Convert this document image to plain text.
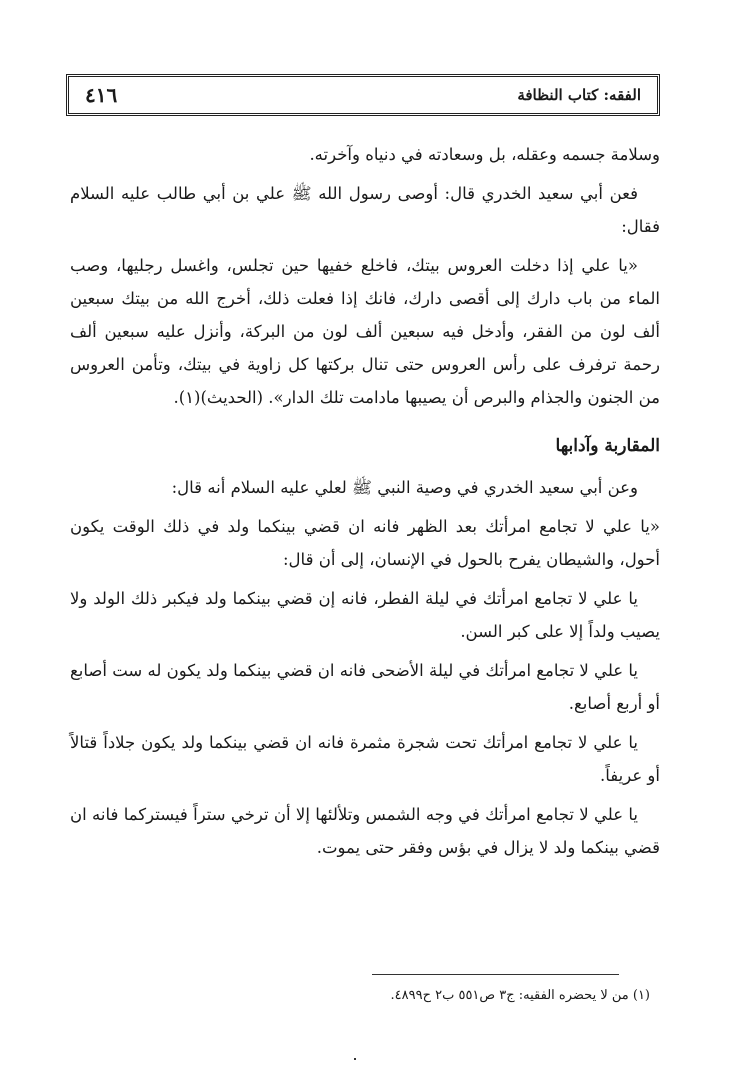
٤١٦	الفقه: كتاب النظافة

وسلامة جسمه وعقله، بل وسعادته في دنياه وآخرته.

فعن أبي سعيد الخدري قال: أوصى رسول الله ﷺ علي بن أبي طالب عليه السلام فقال:

«يا علي إذا دخلت العروس بيتك، فاخلع خفيها حين تجلس، واغسل رجليها، وصب الماء من باب دارك إلى أقصى دارك، فانك إذا فعلت ذلك، أخرج الله من بيتك سبعين ألف لون من الفقر، وأدخل فيه سبعين ألف لون من البركة، وأنزل عليه سبعين ألف رحمة ترفرف على رأس العروس حتى تنال بركتها كل زاوية في بيتك، وتأمن العروس من الجنون والجذام والبرص أن يصيبها مادامت تلك الدار». (الحديث)(١).

المقاربة وآدابها

وعن أبي سعيد الخدري في وصية النبي ﷺ لعلي عليه السلام أنه قال:

«يا علي لا تجامع امرأتك بعد الظهر فانه ان قضي بينكما ولد في ذلك الوقت يكون أحول، والشيطان يفرح بالحول في الإنسان، إلى أن قال:

يا علي لا تجامع امرأتك في ليلة الفطر، فانه إن قضي بينكما ولد فيكبر ذلك الولد ولا يصيب ولداً إلا على كبر السن.

يا علي لا تجامع امرأتك في ليلة الأضحى فانه ان قضي بينكما ولد يكون له ست أصابع أو أربع أصابع.

يا علي لا تجامع امرأتك تحت شجرة مثمرة فانه ان قضي بينكما ولد يكون جلاداً قتالاً أو عريفاً.

يا علي لا تجامع امرأتك في وجه الشمس وتلألئها إلا أن ترخي ستراً فيستركما فانه ان قضي بينكما ولد لا يزال في بؤس وفقر حتى يموت.

(١) من لا يحضره الفقيه: ج٣ ص٥٥١ ب٢ ح٤٨٩٩.
